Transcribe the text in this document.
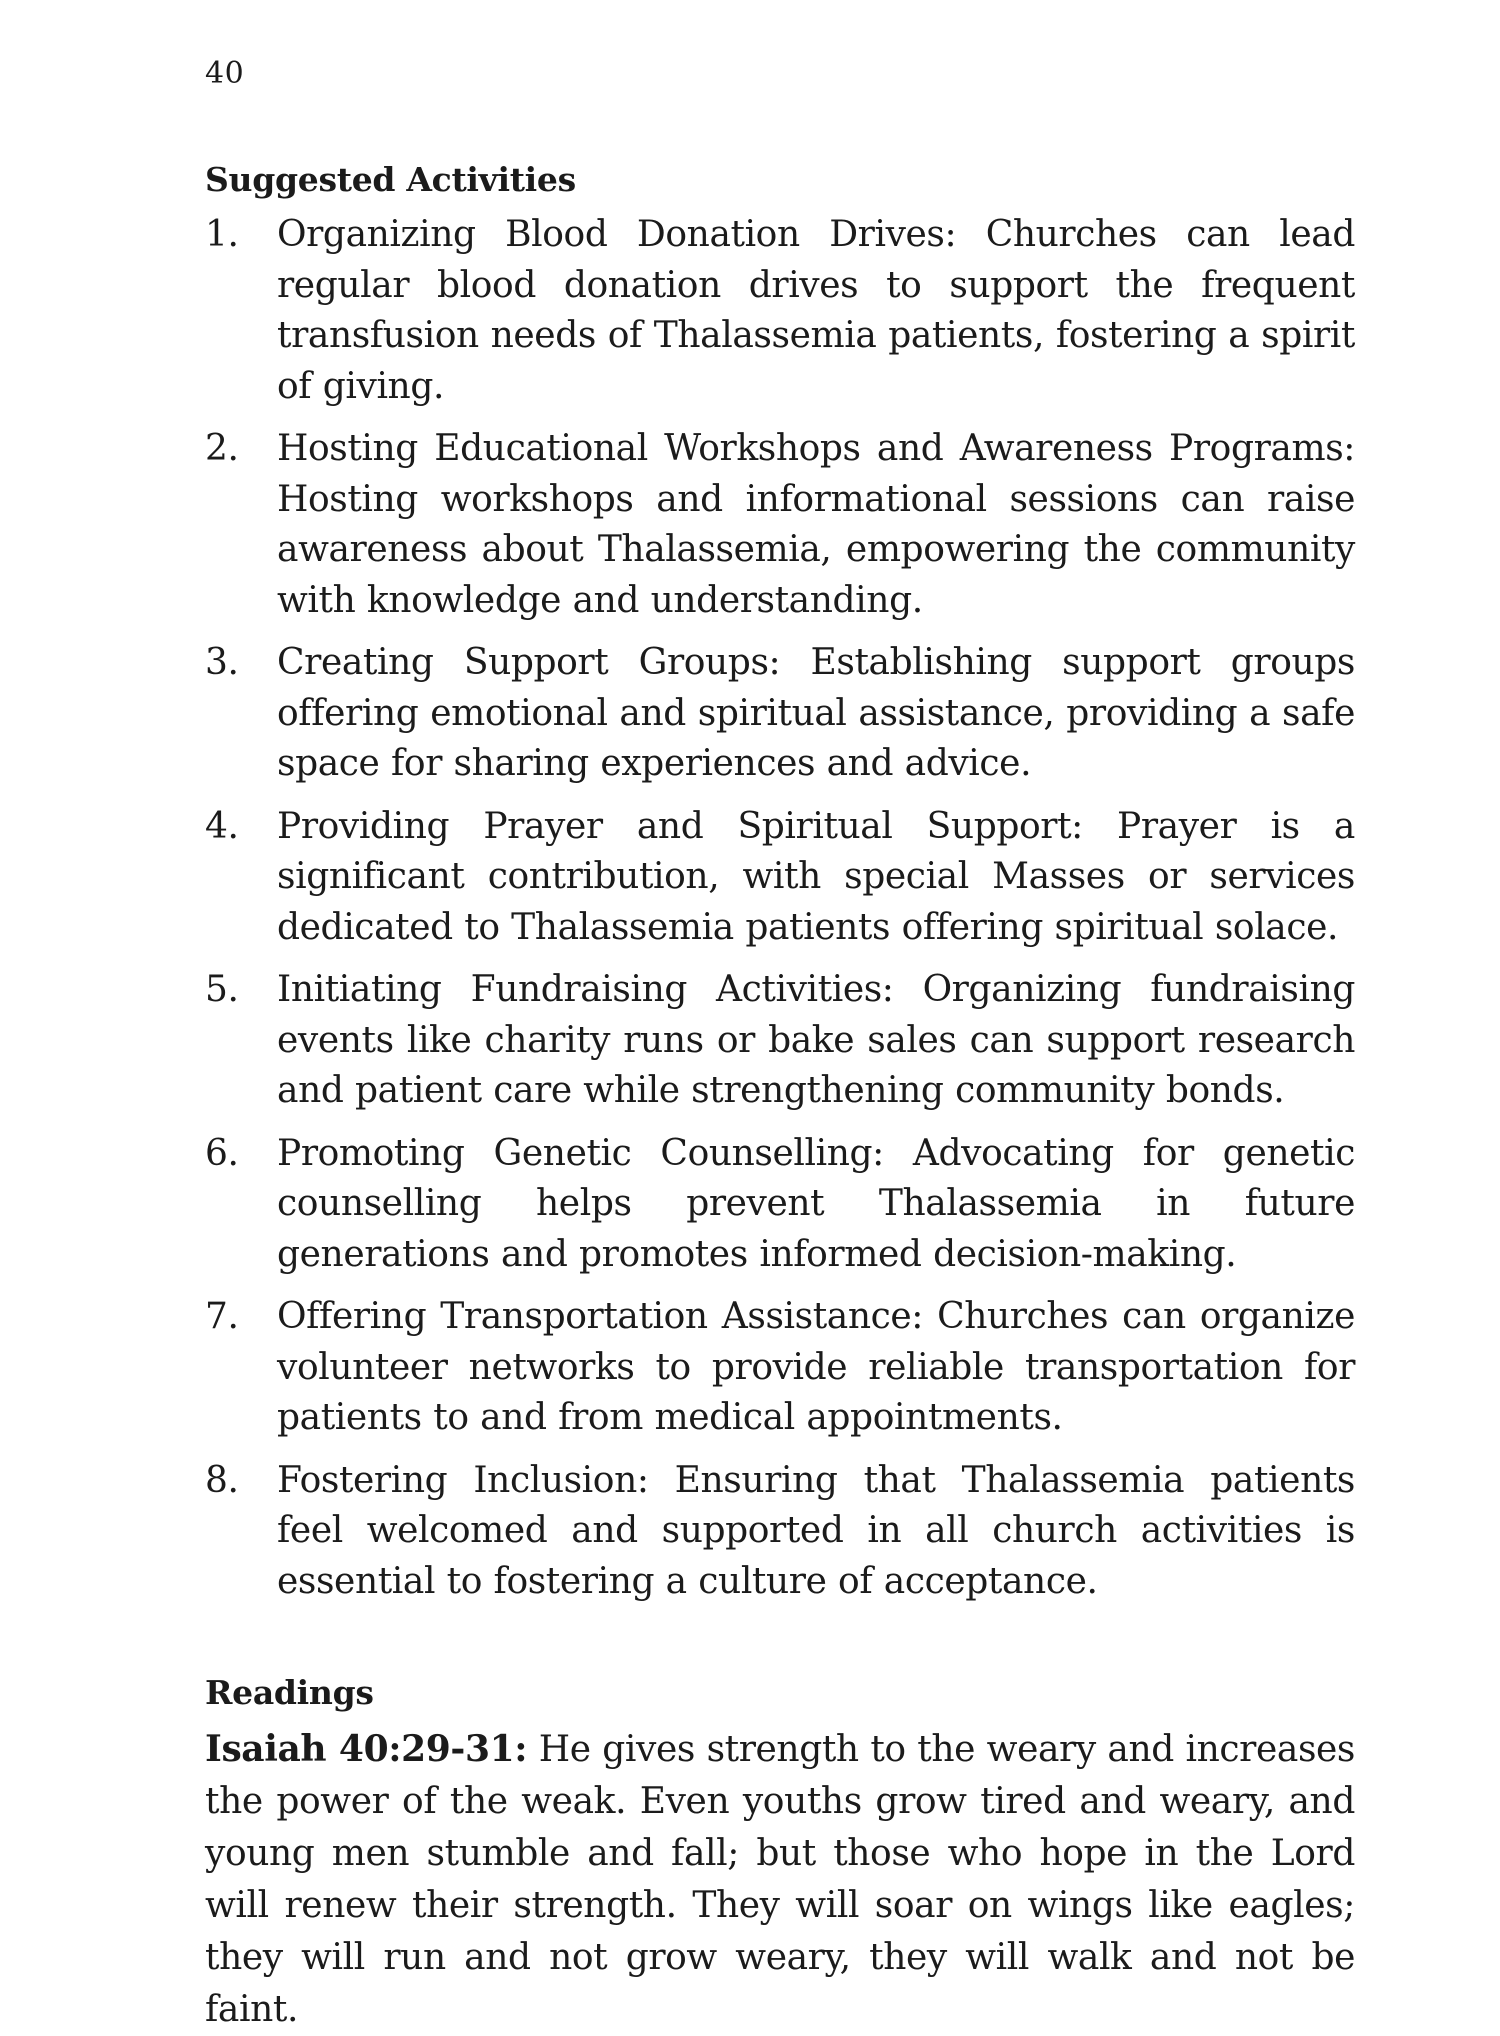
40
Suggested Activities
1.	Organizing Blood Donation Drives: Churches can lead regular blood donation drives to support the frequent transfusion needs of Thalassemia patients, fostering a spirit of giving.
2.	Hosting Educational Workshops and Awareness Programs: Hosting workshops and informational sessions can raise awareness about Thalassemia, empowering the community with knowledge and understanding.
3.	Creating Support Groups: Establishing support groups offering emotional and spiritual assistance, providing a safe space for sharing experiences and advice.
4.	Providing Prayer and Spiritual Support: Prayer is a significant contribution, with special Masses or services dedicated to Thalassemia patients offering spiritual solace.
5.	Initiating Fundraising Activities: Organizing fundraising events like charity runs or bake sales can support research and patient care while strengthening community bonds.
6.	Promoting Genetic Counselling: Advocating for genetic counselling helps prevent Thalassemia in future generations and promotes informed decision-making.
7.	Offering Transportation Assistance: Churches can organize volunteer networks to provide reliable transportation for patients to and from medical appointments.
8.	Fostering Inclusion: Ensuring that Thalassemia patients feel welcomed and supported in all church activities is essential to fostering a culture of acceptance.
Readings

Isaiah 40:29-31: He gives strength to the weary and increases the power of the weak. Even youths grow tired and weary, and young men stumble and fall; but those who hope in the Lord will renew their strength. They will soar on wings like eagles; they will run and not grow weary, they will walk and not be faint.
